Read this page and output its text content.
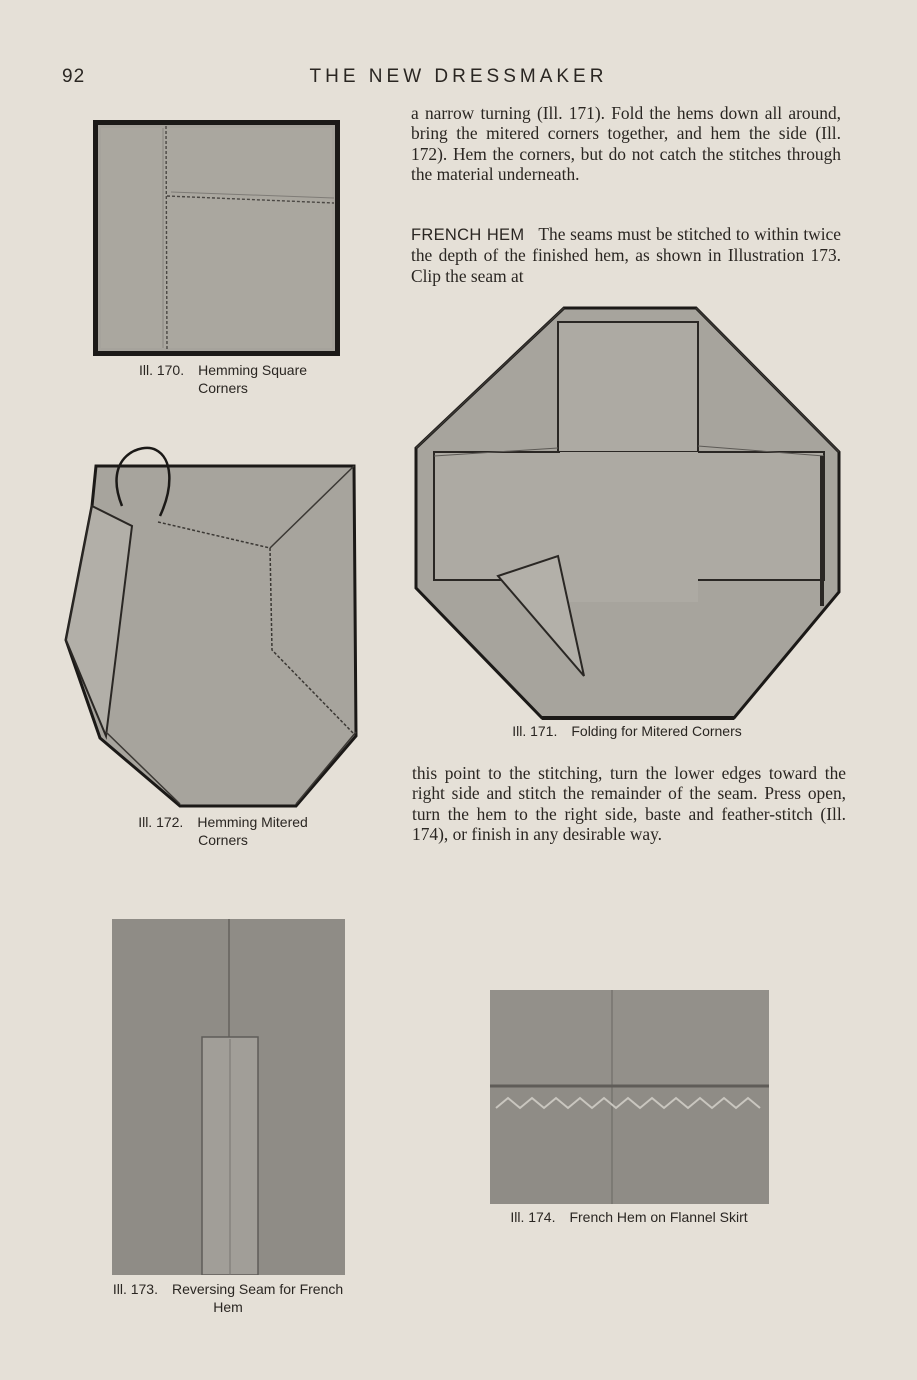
92	THE NEW DRESSMAKER
Ill. 170. Hemming Square Corners
Ill. 171. Folding for Mitered Corners
Ill. 172. Hemming Mitered Corners
Ill. 173. Reversing Seam for French Hem
Ill. 174. French Hem on Flannel Skirt

a narrow turning (Ill. 171). Fold the hems down all around, bring the mitered corners together, and hem the side (Ill. 172). Hem the corners, but do not catch the stitches through the material underneath.

FRENCH HEM The seams must be stitched to within twice the depth of the finished hem, as shown in Illustration 173. Clip the seam at

this point to the stitching, turn the lower edges toward the right side and stitch the remainder of the seam. Press open, turn the hem to the right side, baste and feather-stitch (Ill. 174), or finish in any desirable way.
